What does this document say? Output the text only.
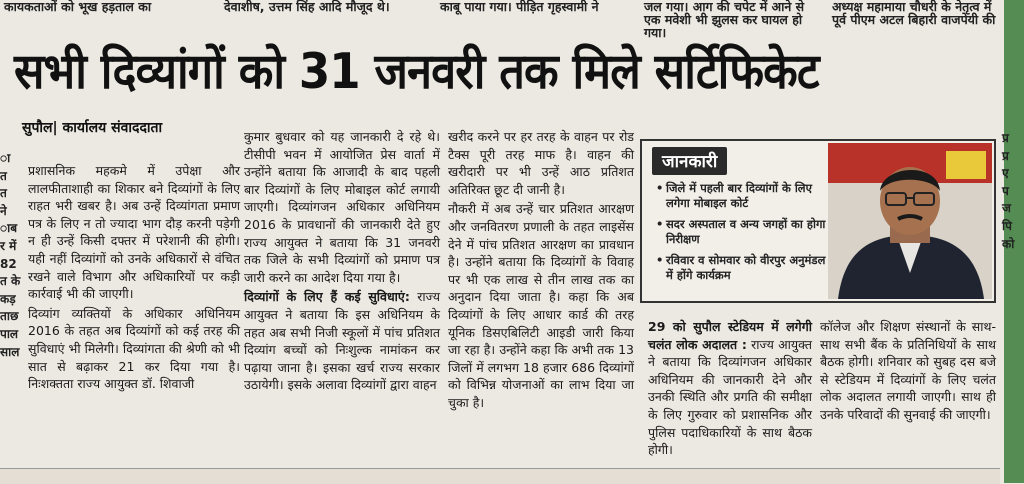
कायकताओं को भूख हड़ताल का	देवाशीष, उत्तम सिंह आदि मौजूद थे।	काबू पाया गया। पीड़ित गृहस्वामी ने	जल गया। आग की चपेट में आने से एक मवेशी भी झुलस कर घायल हो गया।
अध्यक्ष महामाया चौधरी के नेतृत्व में पूर्व पीएम अटल बिहारी वाजपेयी की
सभी दिव्यांगों को 31 जनवरी तक मिले सर्टिफिकेट
सुपौल| कार्यालय संवाददाता
ा
त
त
ने
ाब
र में
82
त के
कड़
ताछ
पाल
साल

प्रशासनिक महकमे में उपेक्षा और लालफीताशाही का शिकार बने दिव्यांगों के लिए राहत भरी खबर है। अब उन्हें दिव्यांगता प्रमाण पत्र के लिए न तो ज्यादा भाग दौड़ करनी पड़ेगी न ही उन्हें किसी दफ्तर में परेशानी की होगी। यही नहीं दिव्यांगों को उनके अधिकारों से वंचित रखने वाले विभाग और अधिकारियों पर कड़ी कार्रवाई भी की जाएगी।

दिव्यांग व्यक्तियों के अधिकार अधिनियम 2016 के तहत अब दिव्यांगों को कई तरह की सुविधाएं भी मिलेगी। दिव्यांगता की श्रेणी को भी सात से बढ़ाकर 21 कर दिया गया है। निःशक्तता राज्य आयुक्त डॉ. शिवाजी

कुमार बुधवार को यह जानकारी दे रहे थे। टीसीपी भवन में आयोजित प्रेस वार्ता में उन्होंने बताया कि आजादी के बाद पहली बार दिव्यांगों के लिए मोबाइल कोर्ट लगायी जाएगी। दिव्यांगजन अधिकार अधिनियम 2016 के प्रावधानों की जानकारी देते हुए राज्य आयुक्त ने बताया कि 31 जनवरी तक जिले के सभी दिव्यांगों को प्रमाण पत्र जारी करने का आदेश दिया गया है।

दिव्यांगों के लिए हैं कई सुविधाएं: राज्य आयुक्त ने बताया कि इस अधिनियम के तहत अब सभी निजी स्कूलों में पांच प्रतिशत दिव्यांग बच्चों को निःशुल्क नामांकन कर पढ़ाया जाना है। इसका खर्च राज्य सरकार उठायेगी। इसके अलावा दिव्यांगों द्वारा वाहन

खरीद करने पर हर तरह के वाहन पर रोड टैक्स पूरी तरह माफ है। वाहन की खरीदारी पर भी उन्हें आठ प्रतिशत अतिरिक्त छूट दी जानी है।

नौकरी में अब उन्हें चार प्रतिशत आरक्षण और जनवितरण प्रणाली के तहत लाइसेंस देने में पांच प्रतिशत आरक्षण का प्रावधान है। उन्होंने बताया कि दिव्यांगों के विवाह पर भी एक लाख से तीन लाख तक का अनुदान दिया जाता है। कहा कि अब दिव्यांगों के लिए आधार कार्ड की तरह यूनिक डिसएबिलिटी आइडी जारी किया जा रहा है। उन्होंने कहा कि अभी तक 13 जिलों में लगभग 18 हजार 686 दिव्यांगों को विभिन्न योजनाओं का लाभ दिया जा चुका है।

जानकारी
• जिले में पहली बार दिव्यांगों के लिए लगेगा मोबाइल कोर्ट
• सदर अस्पताल व अन्य जगहों का होगा निरीक्षण
• रविवार व सोमवार को वीरपुर अनुमंडल में होंगे कार्यक्रम

29 को सुपौल स्टेडियम में लगेगी चलंत लोक अदालत : राज्य आयुक्त ने बताया कि दिव्यांगजन अधिकार अधिनियम की जानकारी देने और उनकी स्थिति और प्रगति की समीक्षा के लिए गुरुवार को प्रशासनिक और पुलिस पदाधिकारियों के साथ बैठक होगी।

कॉलेज और शिक्षण संस्थानों के साथ-साथ सभी बैंक के प्रतिनिधियों के साथ बैठक होगी। शनिवार को सुबह दस बजे से स्टेडियम में दिव्यांगों के लिए चलंत लोक अदालत लगायी जाएगी। साथ ही उनके परिवादों की सुनवाई की जाएगी।

प्र
प्र
ए
प
ज
पि
को
